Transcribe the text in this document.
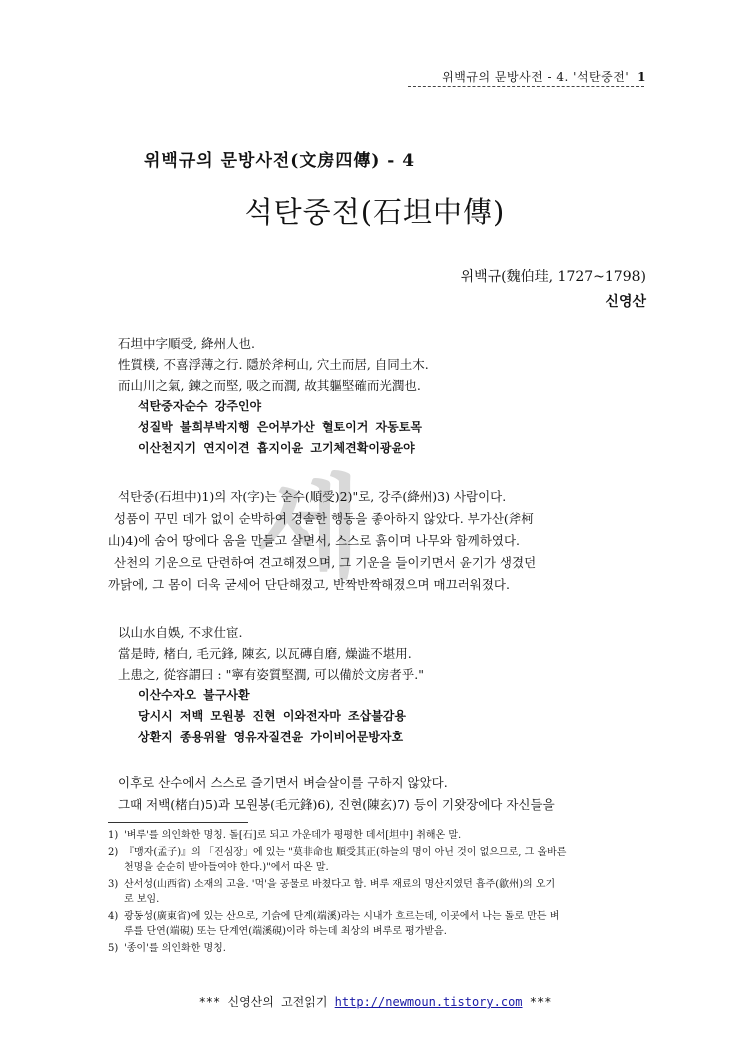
위백규의 문방사전 - 4. '석탄중전' 1
위백규의 문방사전(文房四傳) - 4
석탄중전(石坦中傳)
위백규(魏伯珪, 1727~1798)
신영산
세

石坦中字順受, 絳州人也.

性質樸, 不喜浮薄之行. 隱於斧柯山, 穴土而居, 自同土木.

而山川之氣, 鍊之而堅, 吸之而潤, 故其軀堅確而光潤也.

석탄중자순수 강주인야

성질박 불희부박지행 은어부가산 혈토이거 자동토목

이산천지기 연지이견 흡지이윤 고기체견확이광윤야

석탄중(石坦中)1)의 자(字)는 순수(順受)2)"로, 강주(絳州)3) 사람이다.

성품이 꾸민 데가 없이 순박하여 경솔한 행동을 좋아하지 않았다. 부가산(斧柯

山)4)에 숨어 땅에다 움을 만들고 살면서, 스스로 흙이며 나무와 함께하였다.

산천의 기운으로 단련하여 견고해졌으며, 그 기운을 들이키면서 윤기가 생겼던

까닭에, 그 몸이 더욱 굳세어 단단해졌고, 반짝반짝해졌으며 매끄러워졌다.

以山水自娛, 不求仕宦.

當是時, 楮白, 毛元鋒, 陳玄, 以瓦磚自磨, 燥澁不堪用.

上患之, 從容謂曰 : "寧有姿質堅潤, 可以備於文房者乎."

이산수자오 불구사환

당시시 저백 모원봉 진현 이와전자마 조삽불감용

상환지 종용위왈 영유자질견윤 가이비어문방자호

이후로 산수에서 스스로 즐기면서 벼슬살이를 구하지 않았다.

그때 저백(楮白)5)과 모원봉(毛元鋒)6), 진현(陳玄)7) 등이 기왓장에다 자신들을

1) '벼루'를 의인화한 명칭. 돌[石]로 되고 가운데가 평평한 데서[坦中] 취해온 말.
2) 『맹자(孟子)』의 「진심장」에 있는 "莫非命也 順受其正(하늘의 명이 아닌 것이 없으므로, 그 올바른
천명을 순순히 받아들여야 한다.)"에서 따온 말.
3) 산서성(山西省) 소재의 고을. '먹'을 공물로 바쳤다고 함. 벼루 재료의 명산지였던 흡주(歙州)의 오기
로 보임.
4) 광동성(廣東省)에 있는 산으로, 기슭에 단계(端溪)라는 시내가 흐르는데, 이곳에서 나는 돌로 만든 벼
루를 단연(端硯) 또는 단계연(端溪硯)이라 하는데 최상의 벼루로 평가받음.
5) '종이'를 의인화한 명칭.
*** 신영산의 고전읽기 http://newmoun.tistory.com ***
